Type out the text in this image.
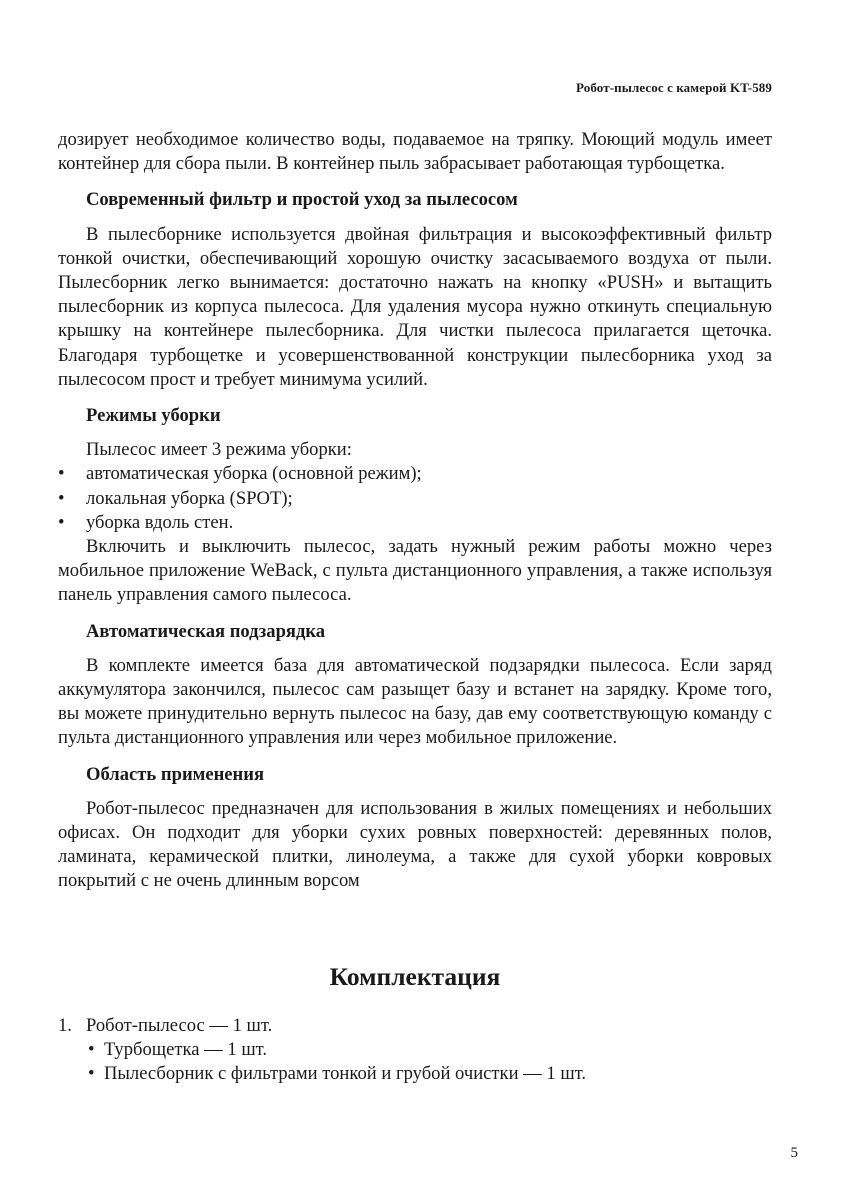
Робот-пылесос с камерой KT-589

дозирует необходимое количество воды, подаваемое на тряпку. Моющий модуль имеет контейнер для сбора пыли. В контейнер пыль забрасывает работающая турбощетка.

Современный фильтр и простой уход за пылесосом

В пылесборнике используется двойная фильтрация и высокоэффективный фильтр тонкой очистки, обеспечивающий хорошую очистку засасываемого воздуха от пыли. Пылесборник легко вынимается: достаточно нажать на кнопку «PUSH» и вытащить пылесборник из корпуса пылесоса. Для удаления мусора нужно откинуть специальную крышку на контейнере пылесборника. Для чистки пылесоса прилагается щеточка. Благодаря турбощетке и усовершенствованной конструкции пылесборника уход за пылесосом прост и требует минимума усилий.

Режимы уборки

Пылесос имеет 3 режима уборки:

• автоматическая уборка (основной режим);
• локальная уборка (SPOT);
• уборка вдоль стен.

Включить и выключить пылесос, задать нужный режим работы можно через мобильное приложение WeBack, с пульта дистанционного управления, а также используя панель управления самого пылесоса.

Автоматическая подзарядка

В комплекте имеется база для автоматической подзарядки пылесоса. Если заряд аккумулятора закончился, пылесос сам разыщет базу и встанет на зарядку. Кроме того, вы можете принудительно вернуть пылесос на базу, дав ему соответствующую команду с пульта дистанционного управления или через мобильное приложение.

Область применения

Робот-пылесос предназначен для использования в жилых помещениях и небольших офисах. Он подходит для уборки сухих ровных поверхностей: деревянных полов, ламината, керамической плитки, линолеума, а также для сухой уборки ковровых покрытий с не очень длинным ворсом

Комплектация
1. Робот-пылесос — 1 шт.
• Турбощетка — 1 шт.
• Пылесборник с фильтрами тонкой и грубой очистки — 1 шт.
5
